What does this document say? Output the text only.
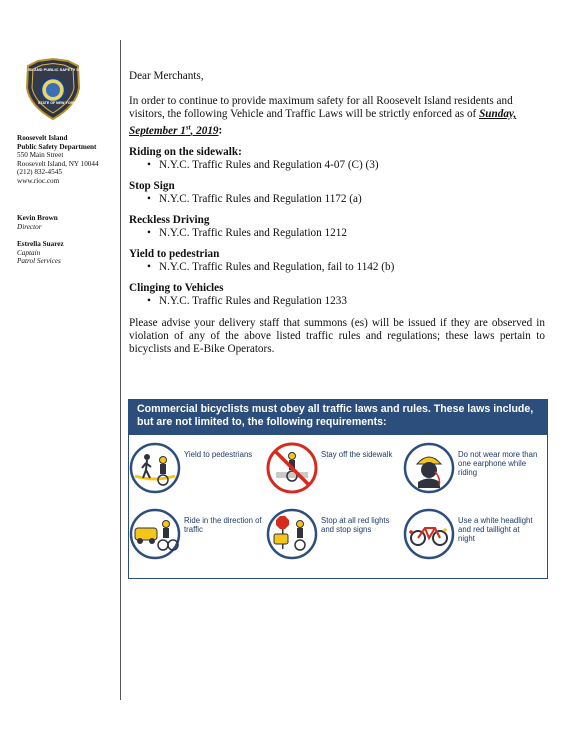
ROOSEVELT ISLAND PUBLIC SAFETY DEPARTMENT
STATE OF NEW YORK
Roosevelt Island
Public Safety Department
550 Main Street
Roosevelt Island, NY 10044
(212) 832-4545
www.rioc.com
Kevin Brown
Director
Estrella Suarez
Captain
Patrol Services

Dear Merchants,

In order to continue to provide maximum safety for all Roosevelt Island residents and visitors, the following Vehicle and Traffic Laws will be strictly enforced as of Sunday, September 1st, 2019:

Riding on the sidewalk:

• N.Y.C. Traffic Rules and Regulation 4-07 (C) (3)

Stop Sign

• N.Y.C. Traffic Rules and Regulation 1172 (a)

Reckless Driving

• N.Y.C. Traffic Rules and Regulation 1212

Yield to pedestrian

• N.Y.C. Traffic Rules and Regulation, fail to 1142 (b)

Clinging to Vehicles

• N.Y.C. Traffic Rules and Regulation 1233

Please advise your delivery staff that summons (es) will be issued if they are observed in violation of any of the above listed traffic rules and regulations; these laws pertain to bicyclists and E-Bike Operators.

Commercial bicyclists must obey all traffic laws and rules. These laws include, but are not limited to, the following requirements:
Yield to pedestrians	Stay off the sidewalk	Do not wear more than one earphone while riding
Ride in the direction of traffic
Stop at all red lights and stop signs
Use a white headlight and red taillight at night
